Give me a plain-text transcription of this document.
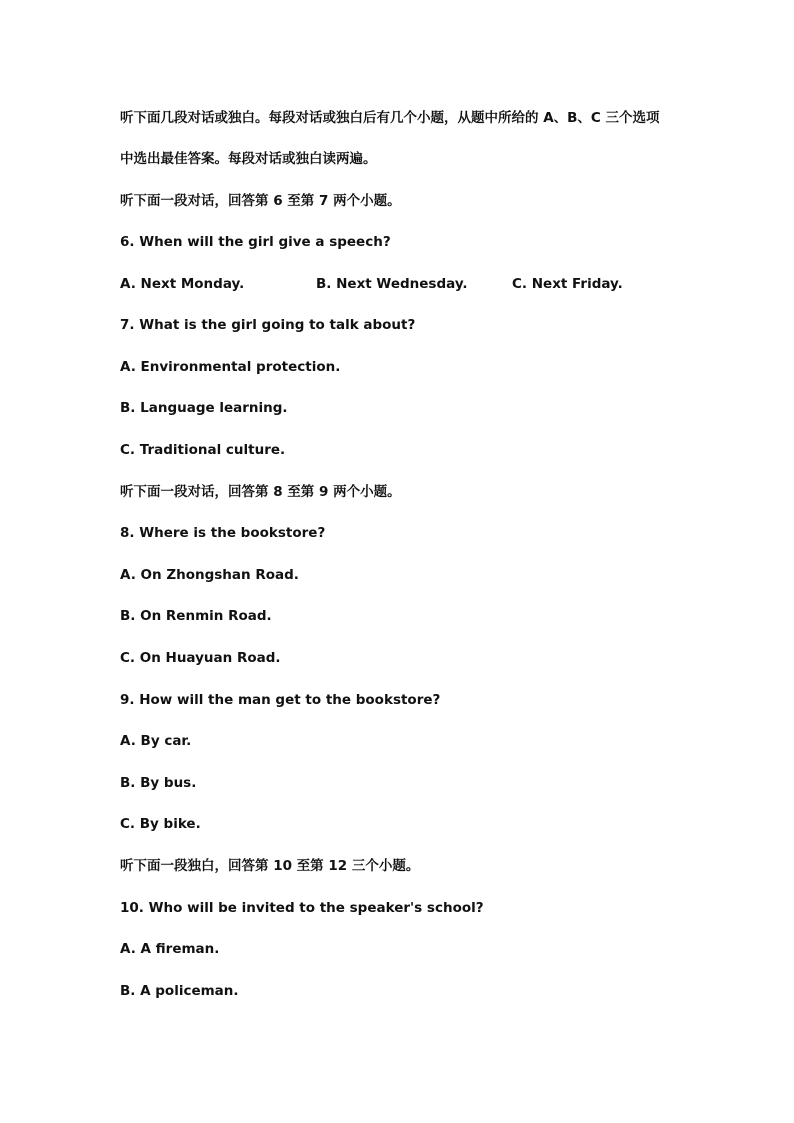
听下面几段对话或独白。每段对话或独白后有几个小题，从题中所给的 A、B、C 三个选项
中选出最佳答案。每段对话或独白读两遍。
听下面一段对话，回答第 6 至第 7 两个小题。
6. When will the girl give a speech?
A. Next Monday.	B. Next Wednesday.	C. Next Friday.
7. What is the girl going to talk about?
A. Environmental protection.
B. Language learning.
C. Traditional culture.
听下面一段对话，回答第 8 至第 9 两个小题。
8. Where is the bookstore?
A. On Zhongshan Road.
B. On Renmin Road.
C. On Huayuan Road.
9. How will the man get to the bookstore?
A. By car.
B. By bus.
C. By bike.
听下面一段独白，回答第 10 至第 12 三个小题。
10. Who will be invited to the speaker's school?
A. A fireman.
B. A policeman.
